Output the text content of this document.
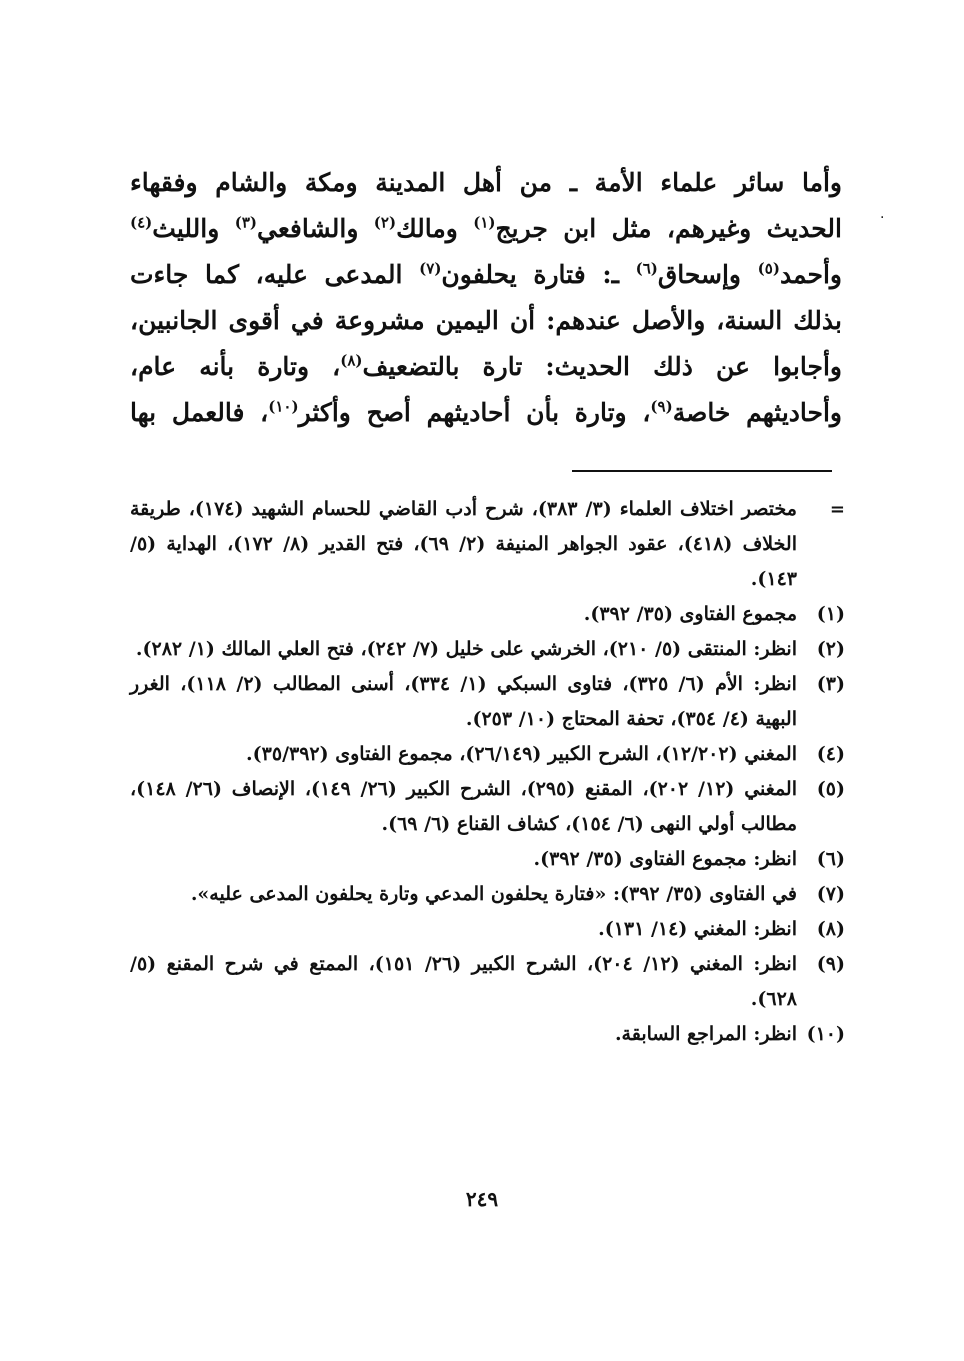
وأما سائر علماء الأمة ـ من أهل المدينة ومكة والشام وفقهاء
الحديث وغيرهم، مثل ابن جريج$^{(١)}$ ومالك$^{(٢)}$ والشافعي$^{(٣)}$ والليث$^{(٤)}$
وأحمد$^{(٥)}$ وإسحاق$^{(٦)}$ ـ: فتارة يحلفون$^{(٧)}$ المدعى عليه، كما جاءت
بذلك السنة، والأصل عندهم: أن اليمين مشروعة في أقوى الجانبين،
وأجابوا عن ذلك الحديث: تارة بالتضعيف$^{(٨)}$، وتارة بأنه عام،
وأحاديثهم خاصة$^{(٩)}$، وتارة بأن أحاديثهم أصح وأكثر$^{(١٠)}$، فالعمل بها
·
=
مختصر اختلاف العلماء (٣/ ٣٨٣)، شرح أدب القاضي للحسام الشهيد (١٧٤)، طريقة الخلاف (٤١٨)، عقود الجواهر المنيفة (٢/ ٦٩)، فتح القدير (٨/ ١٧٢)، الهداية (٥/ ١٤٣).
(١)
مجموع الفتاوى (٣٥/ ٣٩٢).
(٢)
انظر: المنتقى (٥/ ٢١٠)، الخرشي على خليل (٧/ ٢٤٢)، فتح العلي المالك (١/ ٢٨٢).
(٣)
انظر: الأم (٦/ ٣٢٥)، فتاوى السبكي (١/ ٣٣٤)، أسنى المطالب (٢/ ١١٨)، الغرر البهية (٤/ ٣٥٤)، تحفة المحتاج (١٠/ ٢٥٣).
(٤)
المغني (١٢/٢٠٢)، الشرح الكبير (٢٦/١٤٩)، مجموع الفتاوى (٣٥/٣٩٢).
(٥)
المغني (١٢/ ٢٠٢)، المقنع (٢٩٥)، الشرح الكبير (٢٦/ ١٤٩)، الإنصاف (٢٦/ ١٤٨)، مطالب أولي النهى (٦/ ١٥٤)، كشاف القناع (٦/ ٦٩).
(٦)
انظر: مجموع الفتاوى (٣٥/ ٣٩٢).
(٧)
في الفتاوى (٣٥/ ٣٩٢): «فتارة يحلفون المدعي وتارة يحلفون المدعى عليه».
(٨)
انظر: المغني (١٤/ ١٣١).
(٩)
انظر: المغني (١٢/ ٢٠٤)، الشرح الكبير (٢٦/ ١٥١)، الممتع في شرح المقنع (٥/ ٦٢٨).
(١٠)
انظر: المراجع السابقة.
٢٤٩
